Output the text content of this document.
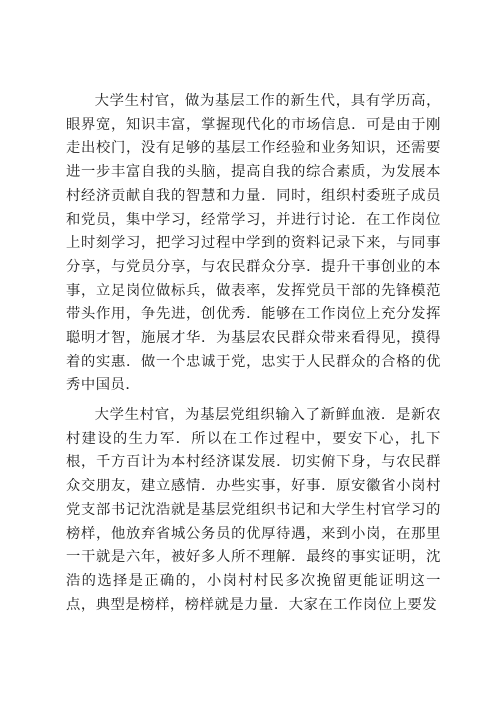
大学生村官，做为基层工作的新生代，具有学历高，眼界宽，知识丰富，掌握现代化的市场信息．可是由于刚走出校门，没有足够的基层工作经验和业务知识，还需要进一步丰富自我的头脑，提高自我的综合素质，为发展本村经济贡献自我的智慧和力量．同时，组织村委班子成员和党员，集中学习，经常学习，并进行讨论．在工作岗位上时刻学习，把学习过程中学到的资料记录下来，与同事分享，与党员分享，与农民群众分享．提升干事创业的本事，立足岗位做标兵，做表率，发挥党员干部的先锋模范带头作用，争先进，创优秀．能够在工作岗位上充分发挥聪明才智，施展才华．为基层农民群众带来看得见，摸得着的实惠．做一个忠诚于党，忠实于人民群众的合格的优秀中国员．

大学生村官，为基层党组织输入了新鲜血液．是新农村建设的生力军．所以在工作过程中，要安下心，扎下根，千方百计为本村经济谋发展．切实俯下身，与农民群众交朋友，建立感情．办些实事，好事．原安徽省小岗村党支部书记沈浩就是基层党组织书记和大学生村官学习的榜样，他放弃省城公务员的优厚待遇，来到小岗，在那里一干就是六年，被好多人所不理解．最终的事实证明，沈浩的选择是正确的，小岗村村民多次挽留更能证明这一点，典型是榜样，榜样就是力量．大家在工作岗位上要发
